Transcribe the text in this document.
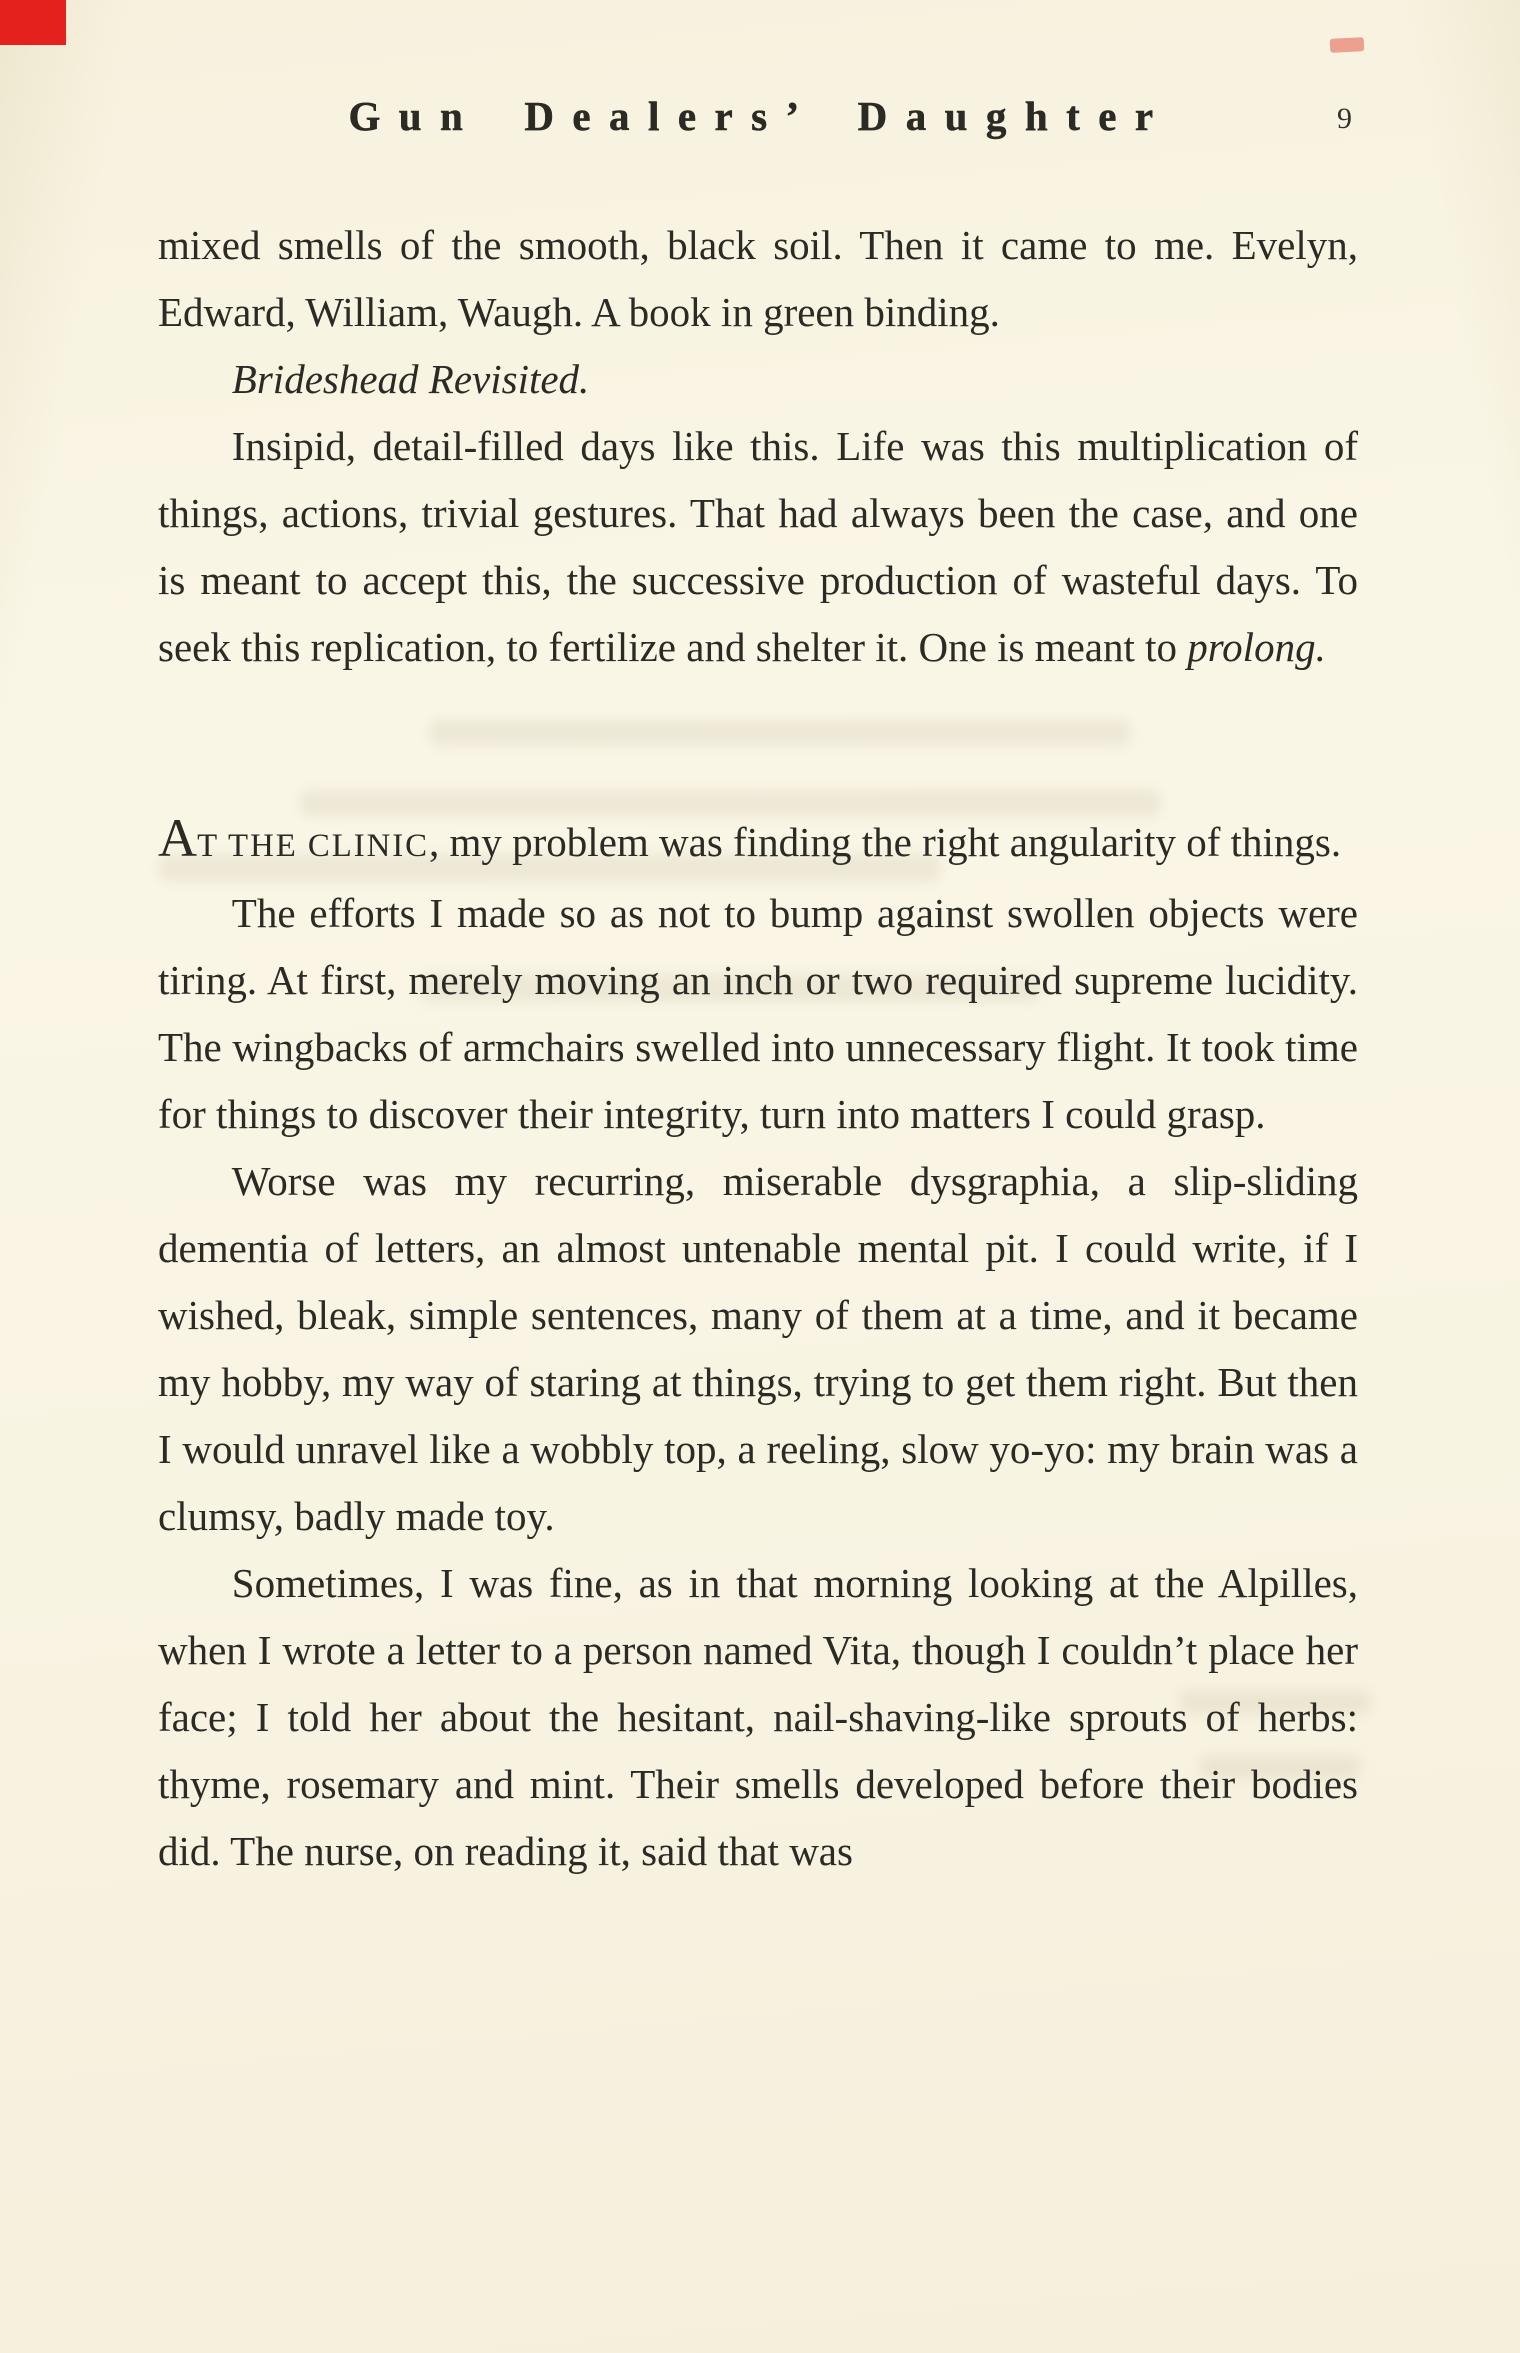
Gun Dealers’ Daughter	9

mixed smells of the smooth, black soil. Then it came to me. Evelyn, Edward, William, Waugh. A book in green binding.

Brideshead Revisited.

Insipid, detail-filled days like this. Life was this multiplication of things, actions, trivial gestures. That had always been the case, and one is meant to accept this, the successive production of wasteful days. To seek this replication, to fertilize and shelter it. One is meant to prolong.

AT THE CLINIC, my problem was finding the right angularity of things.

The efforts I made so as not to bump against swollen objects were tiring. At first, merely moving an inch or two required supreme lucidity. The wingbacks of armchairs swelled into unnecessary flight. It took time for things to discover their integrity, turn into matters I could grasp.

Worse was my recurring, miserable dysgraphia, a slip-sliding dementia of letters, an almost untenable mental pit. I could write, if I wished, bleak, simple sentences, many of them at a time, and it became my hobby, my way of staring at things, trying to get them right. But then I would unravel like a wobbly top, a reeling, slow yo-yo: my brain was a clumsy, badly made toy.

Sometimes, I was fine, as in that morning looking at the Alpilles, when I wrote a letter to a person named Vita, though I couldn’t place her face; I told her about the hesitant, nail-shaving-like sprouts of herbs: thyme, rosemary and mint. Their smells developed before their bodies did. The nurse, on reading it, said that was
